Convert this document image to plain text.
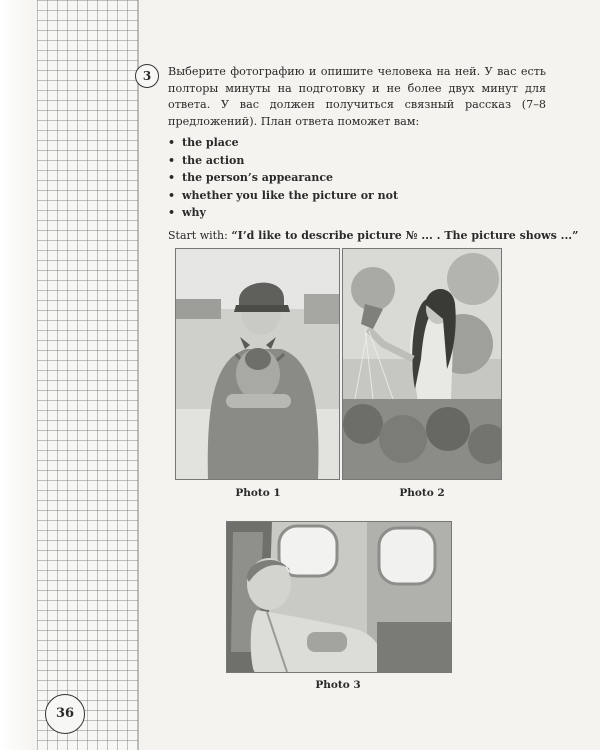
3	Выберите фотографию и опишите человека на ней. У вас есть полторы минуты на подготовку и не более двух минут для ответа. У вас должен получиться связный рассказ (7–8 предложений). План ответа поможет вам:
• the place
• the action
• the person’s appearance
• whether you like the picture or not
• why
Start with: “I’d like to describe picture № ... . The picture shows ...”
Photo 1	Photo 2
Photo 3
36
